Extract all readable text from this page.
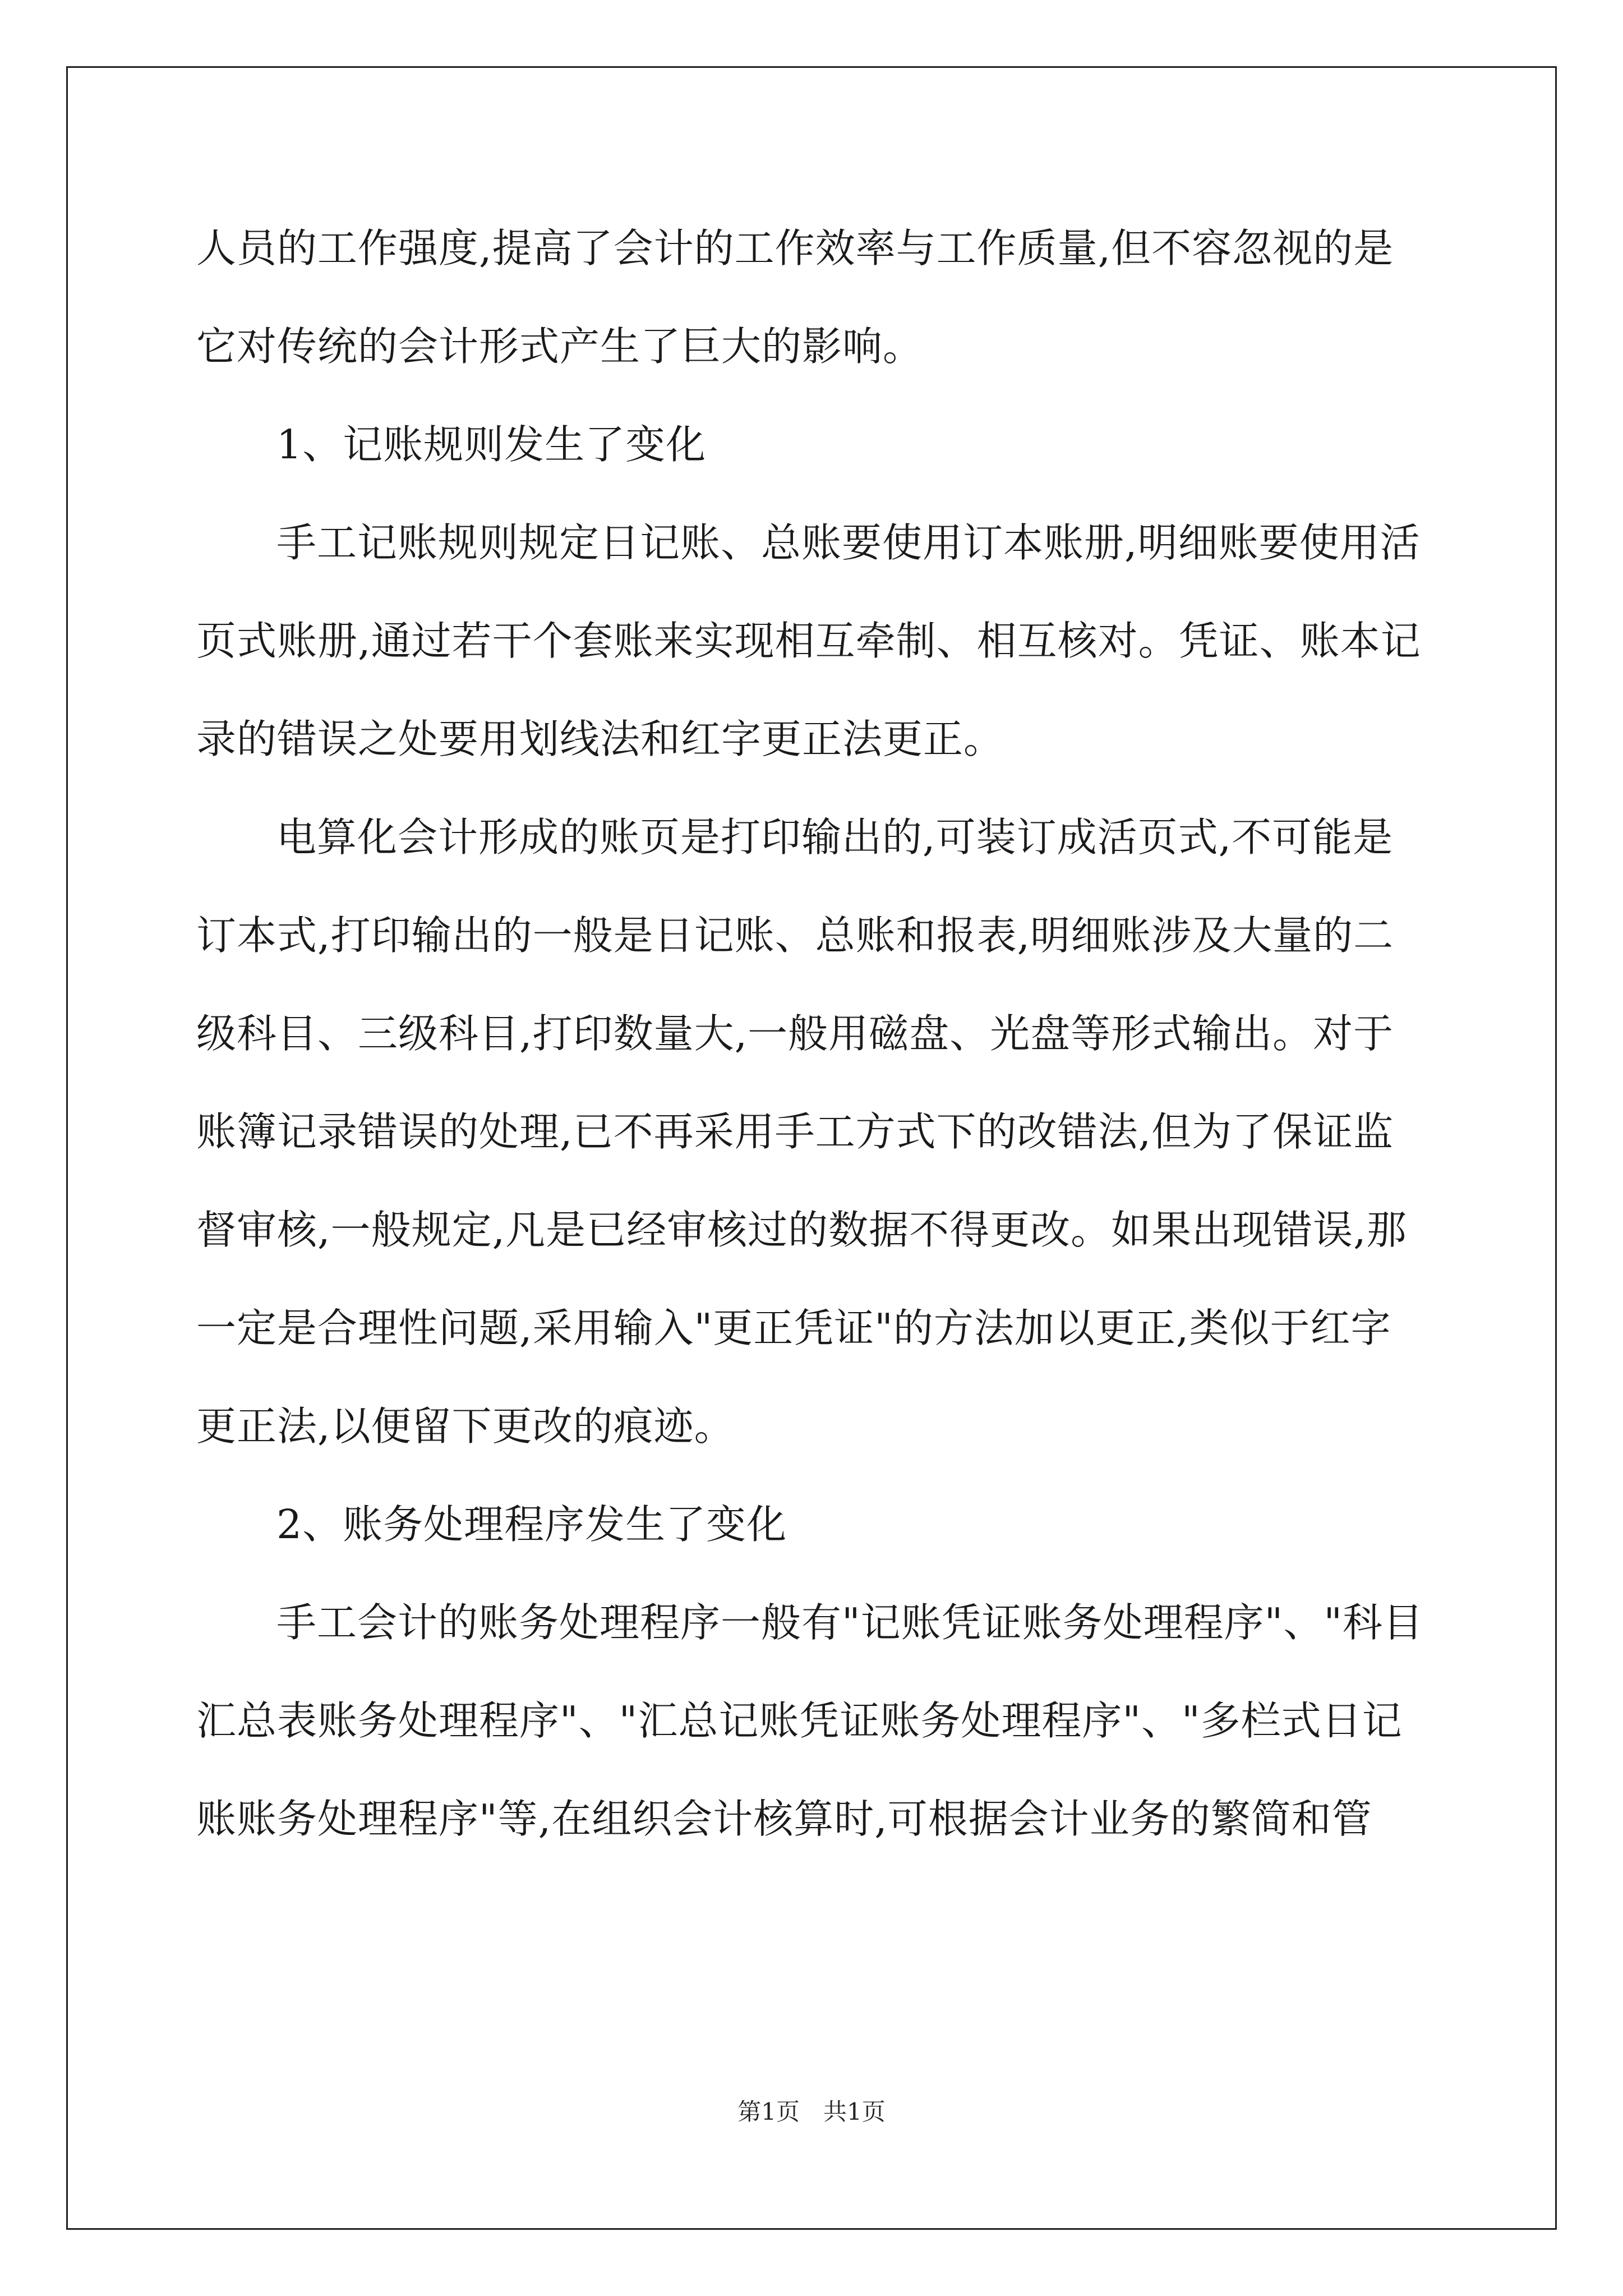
人员的工作强度,提高了会计的工作效率与工作质量,但不容忽视的是
它对传统的会计形式产生了巨大的影响。
1、记账规则发生了变化
手工记账规则规定日记账、总账要使用订本账册,明细账要使用活
页式账册,通过若干个套账来实现相互牵制、相互核对。凭证、账本记
录的错误之处要用划线法和红字更正法更正。
电算化会计形成的账页是打印输出的,可装订成活页式,不可能是
订本式,打印输出的一般是日记账、总账和报表,明细账涉及大量的二
级科目、三级科目,打印数量大,一般用磁盘、光盘等形式输出。对于
账簿记录错误的处理,已不再采用手工方式下的改错法,但为了保证监
督审核,一般规定,凡是已经审核过的数据不得更改。如果出现错误,那
一定是合理性问题,采用输入"更正凭证"的方法加以更正,类似于红字
更正法,以便留下更改的痕迹。
2、账务处理程序发生了变化
手工会计的账务处理程序一般有"记账凭证账务处理程序"、"科目
汇总表账务处理程序"、"汇总记账凭证账务处理程序"、"多栏式日记
账账务处理程序"等,在组织会计核算时,可根据会计业务的繁简和管
第1页　共1页
